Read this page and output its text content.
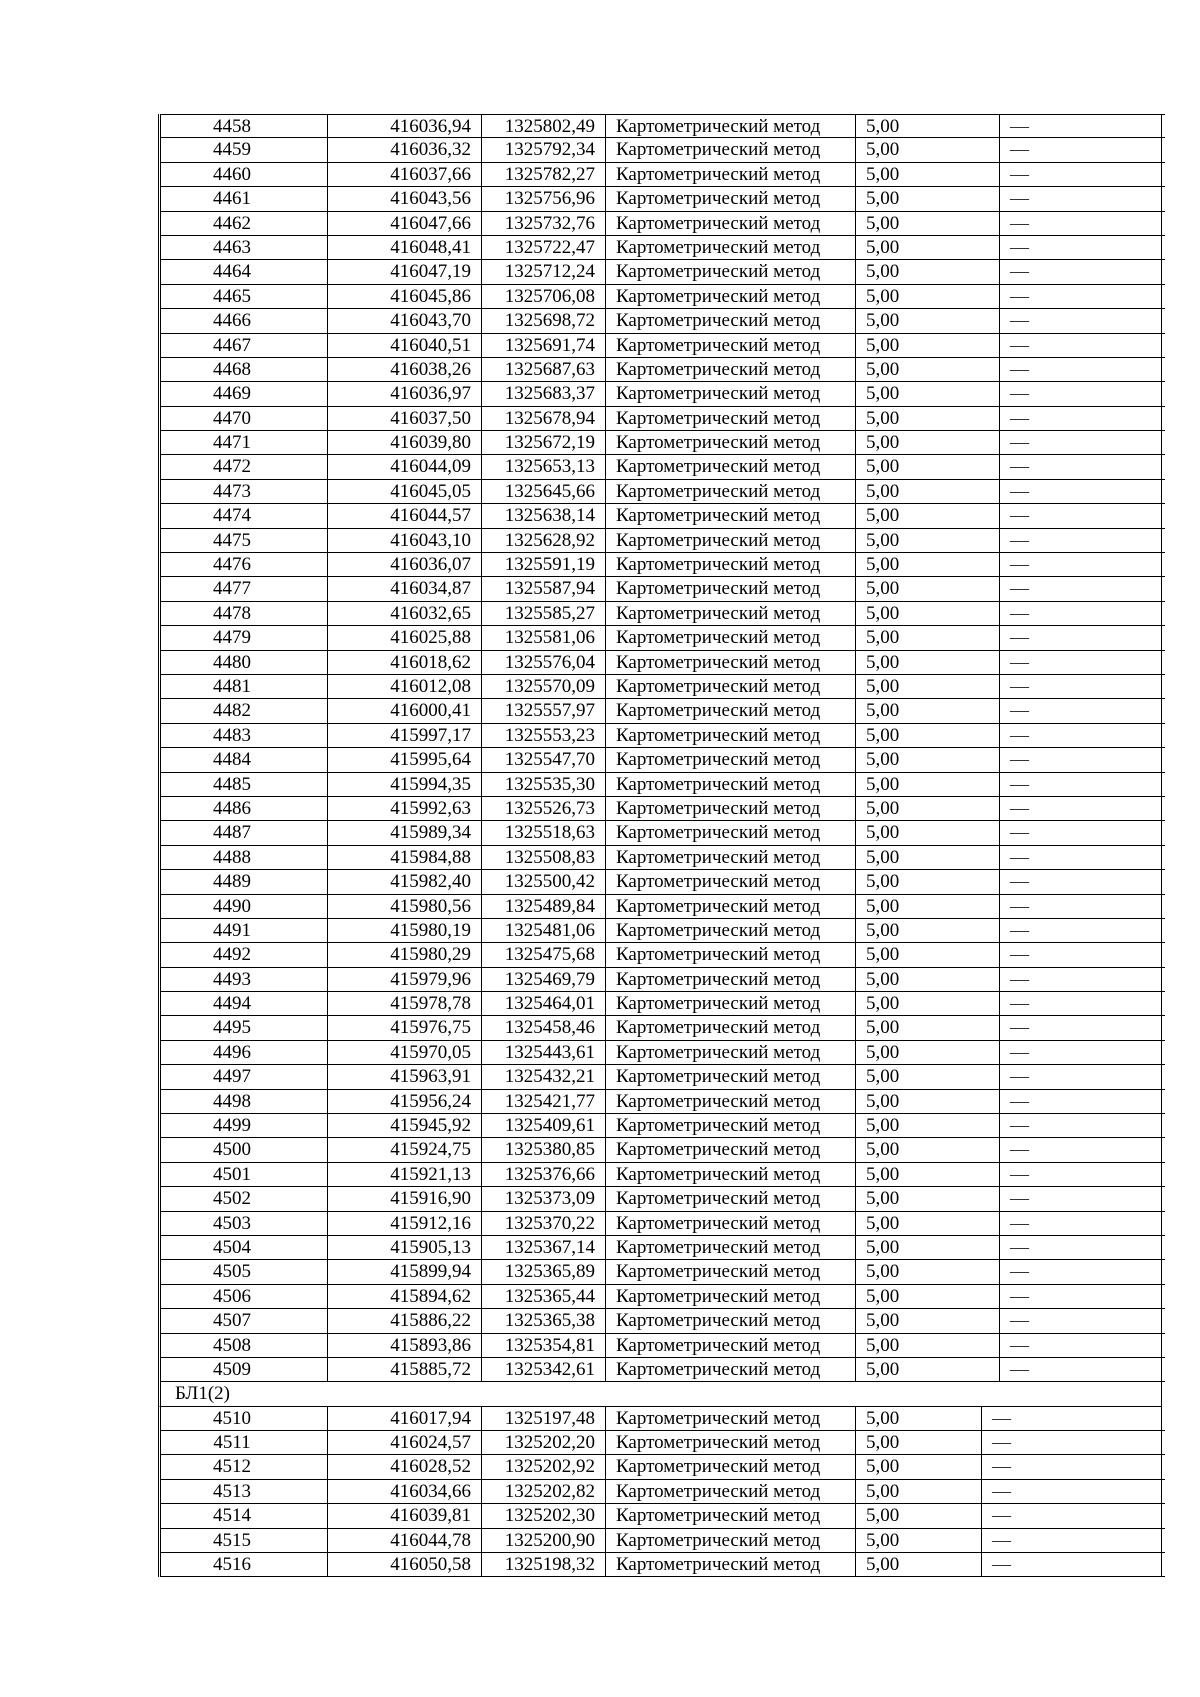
4458	416036,94	1325802,49	Картометрический метод	5,00	—
4459	416036,32	1325792,34	Картометрический метод	5,00	—
4460	416037,66	1325782,27	Картометрический метод	5,00	—
4461	416043,56	1325756,96	Картометрический метод	5,00	—
4462	416047,66	1325732,76	Картометрический метод	5,00	—
4463	416048,41	1325722,47	Картометрический метод	5,00	—
4464	416047,19	1325712,24	Картометрический метод	5,00	—
4465	416045,86	1325706,08	Картометрический метод	5,00	—
4466	416043,70	1325698,72	Картометрический метод	5,00	—
4467	416040,51	1325691,74	Картометрический метод	5,00	—
4468	416038,26	1325687,63	Картометрический метод	5,00	—
4469	416036,97	1325683,37	Картометрический метод	5,00	—
4470	416037,50	1325678,94	Картометрический метод	5,00	—
4471	416039,80	1325672,19	Картометрический метод	5,00	—
4472	416044,09	1325653,13	Картометрический метод	5,00	—
4473	416045,05	1325645,66	Картометрический метод	5,00	—
4474	416044,57	1325638,14	Картометрический метод	5,00	—
4475	416043,10	1325628,92	Картометрический метод	5,00	—
4476	416036,07	1325591,19	Картометрический метод	5,00	—
4477	416034,87	1325587,94	Картометрический метод	5,00	—
4478	416032,65	1325585,27	Картометрический метод	5,00	—
4479	416025,88	1325581,06	Картометрический метод	5,00	—
4480	416018,62	1325576,04	Картометрический метод	5,00	—
4481	416012,08	1325570,09	Картометрический метод	5,00	—
4482	416000,41	1325557,97	Картометрический метод	5,00	—
4483	415997,17	1325553,23	Картометрический метод	5,00	—
4484	415995,64	1325547,70	Картометрический метод	5,00	—
4485	415994,35	1325535,30	Картометрический метод	5,00	—
4486	415992,63	1325526,73	Картометрический метод	5,00	—
4487	415989,34	1325518,63	Картометрический метод	5,00	—
4488	415984,88	1325508,83	Картометрический метод	5,00	—
4489	415982,40	1325500,42	Картометрический метод	5,00	—
4490	415980,56	1325489,84	Картометрический метод	5,00	—
4491	415980,19	1325481,06	Картометрический метод	5,00	—
4492	415980,29	1325475,68	Картометрический метод	5,00	—
4493	415979,96	1325469,79	Картометрический метод	5,00	—
4494	415978,78	1325464,01	Картометрический метод	5,00	—
4495	415976,75	1325458,46	Картометрический метод	5,00	—
4496	415970,05	1325443,61	Картометрический метод	5,00	—
4497	415963,91	1325432,21	Картометрический метод	5,00	—
4498	415956,24	1325421,77	Картометрический метод	5,00	—
4499	415945,92	1325409,61	Картометрический метод	5,00	—
4500	415924,75	1325380,85	Картометрический метод	5,00	—
4501	415921,13	1325376,66	Картометрический метод	5,00	—
4502	415916,90	1325373,09	Картометрический метод	5,00	—
4503	415912,16	1325370,22	Картометрический метод	5,00	—
4504	415905,13	1325367,14	Картометрический метод	5,00	—
4505	415899,94	1325365,89	Картометрический метод	5,00	—
4506	415894,62	1325365,44	Картометрический метод	5,00	—
4507	415886,22	1325365,38	Картометрический метод	5,00	—
4508	415893,86	1325354,81	Картометрический метод	5,00	—
4509	415885,72	1325342,61	Картометрический метод	5,00	—
БЛ1(2)
4510	416017,94	1325197,48	Картометрический метод	5,00	—
4511	416024,57	1325202,20	Картометрический метод	5,00	—
4512	416028,52	1325202,92	Картометрический метод	5,00	—
4513	416034,66	1325202,82	Картометрический метод	5,00	—
4514	416039,81	1325202,30	Картометрический метод	5,00	—
4515	416044,78	1325200,90	Картометрический метод	5,00	—
4516	416050,58	1325198,32	Картометрический метод	5,00	—
